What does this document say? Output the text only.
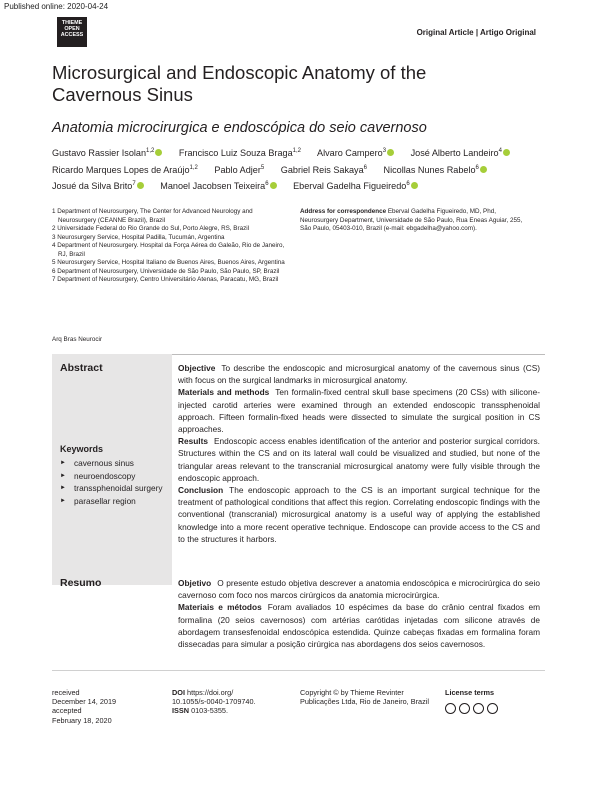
Published online: 2020-04-24
THIEME
OPEN
ACCESS	Original Article | Artigo Original
Microsurgical and Endoscopic Anatomy of the Cavernous Sinus
Anatomia microcirurgica e endoscópica do seio cavernoso
Gustavo Rassier Isolan$^{1,2}$	Francisco Luiz Souza Braga$^{1,2}$ Alvaro Campero$^3$	José Alberto Landeiro$^4$ Ricardo Marques Lopes de Araújo$^{1,2}$ Pablo Adjer$^5$ Gabriel Reis Sakaya$^6$ Nicollas Nunes Rabelo$^6$ Josué da Silva Brito$^7$	Manoel Jacobsen Teixeira$^6$	Eberval Gadelha Figueiredo$^6$
1 Department of Neurosurgery, The Center for Advanced Neurology and Neurosurgery (CEANNE Brazil), Brazil
2 Universidade Federal do Rio Grande do Sul, Porto Alegre, RS, Brazil
3 Neurosurgery Service, Hospital Padilla, Tucumán, Argentina
4 Department of Neurosurgery. Hospital da Força Aérea do Galeão, Rio de Janeiro, RJ, Brazil
5 Neurosurgery Service, Hospital Italiano de Buenos Aires, Buenos Aires, Argentina
6 Department of Neurosurgery, Universidade de São Paulo, São Paulo, SP, Brazil
7 Department of Neurosurgery, Centro Universitário Atenas, Paracatu, MG, Brazil
Address for correspondence Eberval Gadelha Figueiredo, MD, Phd, Neurosurgery Department, Universidade de São Paulo, Rua Eneas Aguiar, 255, São Paulo, 05403-010, Brazil (e-mail: ebgadelha@yahoo.com).
Arq Bras Neurocir
Abstract
Keywords
► cavernous sinus
► neuroendoscopy
► transsphenoidal surgery
► parasellar region

Objective To describe the endoscopic and microsurgical anatomy of the cavernous sinus (CS) with focus on the surgical landmarks in microsurgical anatomy.

Materials and methods Ten formalin-fixed central skull base specimens (20 CSs) with silicone-injected carotid arteries were examined through an extended endoscopic transsphenoidal approach. Fifteen formalin-fixed heads were dissected to simulate the surgical position in CS approaches.

Results Endoscopic access enables identification of the anterior and posterior surgical corridors. Structures within the CS and on its lateral wall could be visualized and studied, but none of the triangular areas relevant to the transcranial microsurgical anatomy were fully visible through the endoscopic approach.

Conclusion The endoscopic approach to the CS is an important surgical technique for the treatment of pathological conditions that affect this region. Correlating endoscopic findings with the conventional (transcranial) microsurgical anatomy is a useful way of applying the established knowledge into a more recent operative technique. Endoscope can provide access to the CS and to the structures it harbors.

Resumo	Objetivo O presente estudo objetiva descrever a anatomia endoscópica e microcirúrgica do seio cavernoso com foco nos marcos cirúrgicos da anatomia microcirúrgica.

Materiais e métodos Foram avaliados 10 espécimes da base do crânio central fixados em formalina (20 seios cavernosos) com artérias carótidas injetadas com silicone através de abordagem transesfenoidal endoscópica estendida. Quinze cabeças fixadas em formalina foram dissecadas para simular a posição cirúrgica nas abordagens dos seios cavernosos.

received
December 14, 2019
accepted
February 18, 2020
DOI https://doi.org/
10.1055/s-0040-1709740.
ISSN 0103-5355.
Copyright © by Thieme Revinter Publicações Ltda, Rio de Janeiro, Brazil
License terms
